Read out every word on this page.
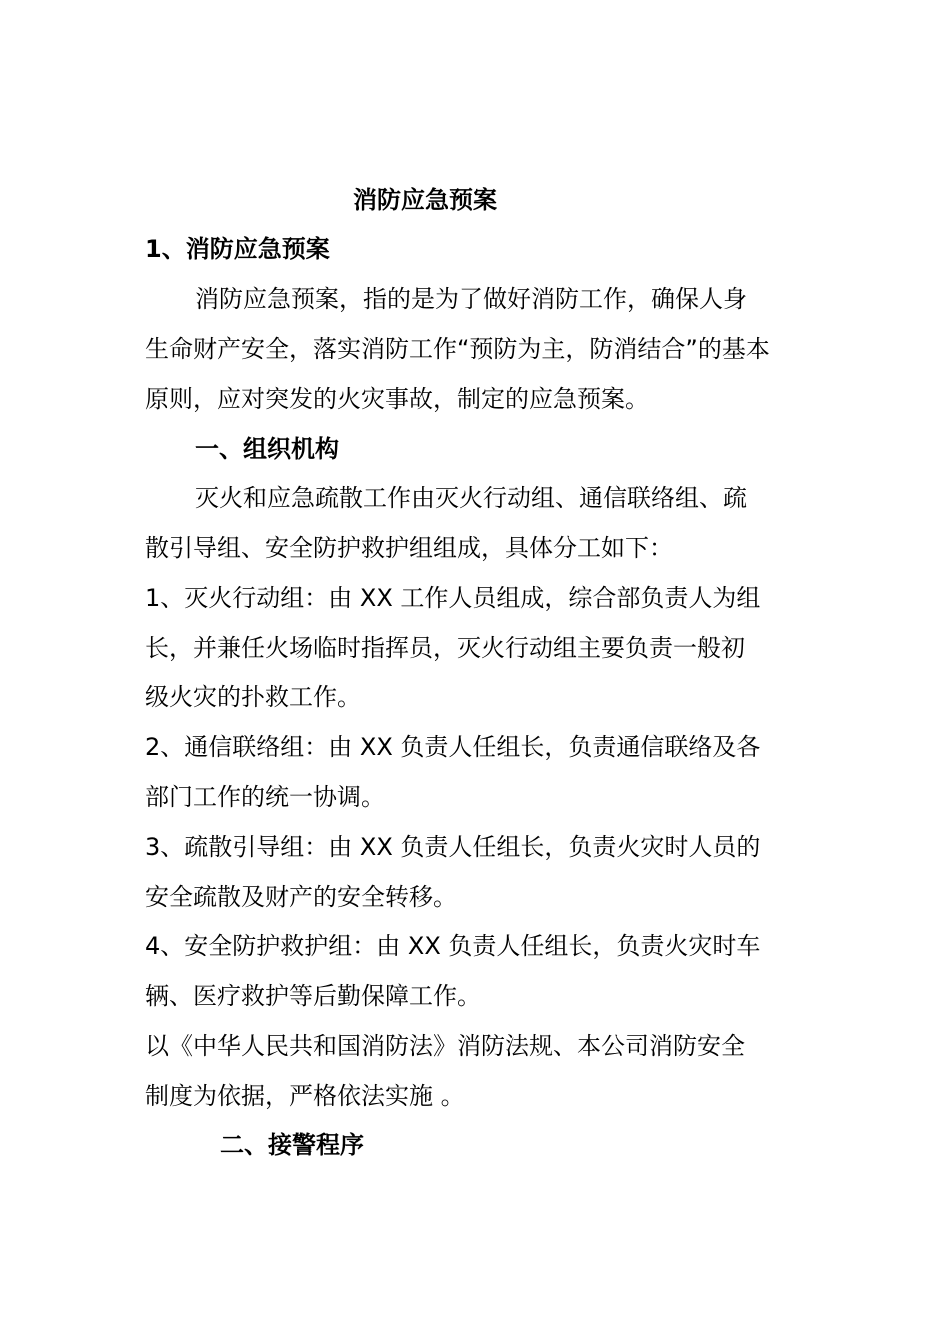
消防应急预案
1、消防应急预案
消防应急预案，指的是为了做好消防工作，确保人身
生命财产安全，落实消防工作“预防为主，防消结合”的基本
原则，应对突发的火灾事故，制定的应急预案。
一、组织机构
灭火和应急疏散工作由灭火行动组、通信联络组、疏
散引导组、安全防护救护组组成，具体分工如下：
1、灭火行动组：由 XX 工作人员组成，综合部负责人为组
长，并兼任火场临时指挥员，灭火行动组主要负责一般初
级火灾的扑救工作。
2、通信联络组：由 XX 负责人任组长，负责通信联络及各
部门工作的统一协调。
3、疏散引导组：由 XX 负责人任组长，负责火灾时人员的
安全疏散及财产的安全转移。
4、安全防护救护组：由 XX 负责人任组长，负责火灾时车
辆、医疗救护等后勤保障工作。
以《中华人民共和国消防法》消防法规、本公司消防安全
制度为依据，严格依法实施 。
二、接警程序
